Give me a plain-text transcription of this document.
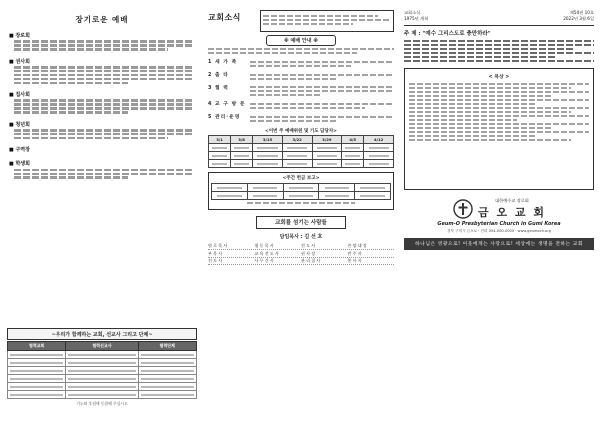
장기로운 예배
■ 장로회
■ 권사회
■ 집사회
■ 청년회
■ 구역장
■ 학생회
~우리가 함께하는 교회, 선교사 그리고 단체~
협력교회	협력선교사	협력단체

기도와 후원에 동참해 주십시오
교회소식
※ 예배 안내 ※
1 새 가 족
2 출 타
3 협 력
4 교 구 방 문
5 관리·운영
<이번 주 예배위원 및 기도 담당자>
3/1	3/8	3/15	3/22	3/29	4/5	4/12

<주간 헌금 보고>

교회를 섬기는 사람들
담임목사 : 김 선 호
원 로 목 사	협 동 목 사	전 도 사	찬 양 대 장
부 목 사	교 육 전 도 사	권 사 장	반 주 자
전 도 사	사 무 간 사	관 리 집 사	봉 사 자
교회소식
1975년 개척
제50권 10호
2022년 3월 6일
주 제 : "예수 그리스도로 충만하라"
< 묵상 >
대한예수교 장로회
금 오 교 회
Geum-O Presbyterian Church in Gumi Korea
경북 구미시 금오로 · 전화 054-000-0000 · www.geumoch.org
하나님은 영광으로! 이웃에게는 사랑으로! 세상에는 생명을 전하는 교회
